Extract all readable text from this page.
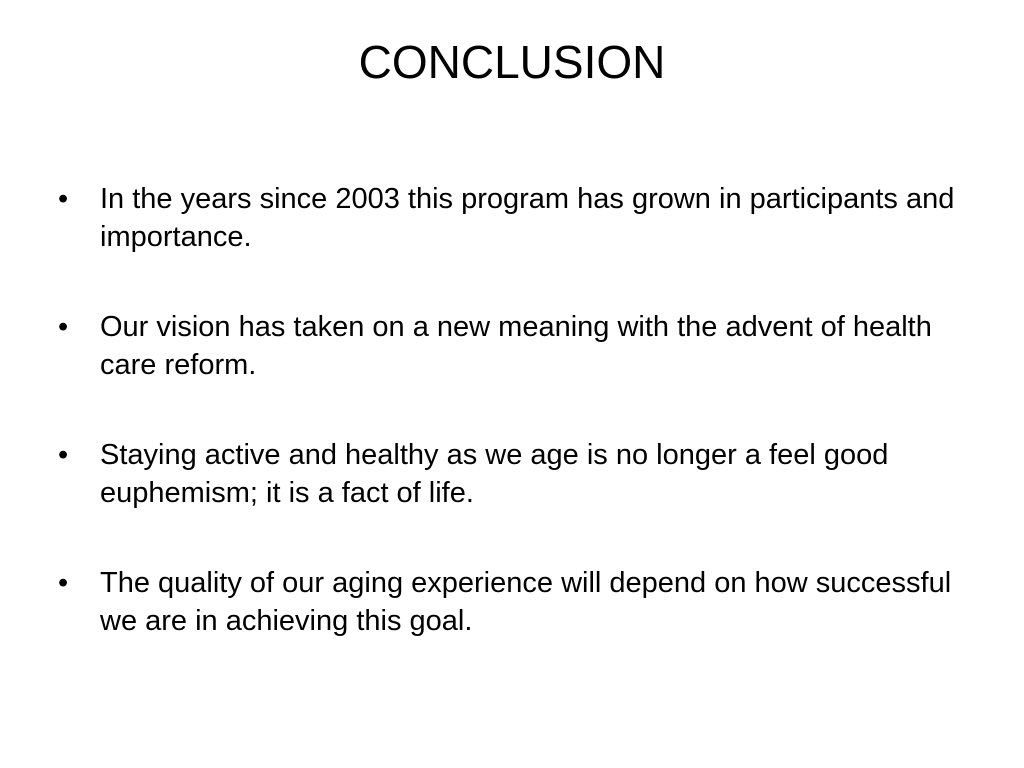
CONCLUSION
• In the years since 2003 this program has grown in participants and importance.
• Our vision has taken on a new meaning with the advent of health care reform.
• Staying active and healthy as we age is no longer a feel good euphemism; it is a fact of life.
• The quality of our aging experience will depend on how successful we are in achieving this goal.
